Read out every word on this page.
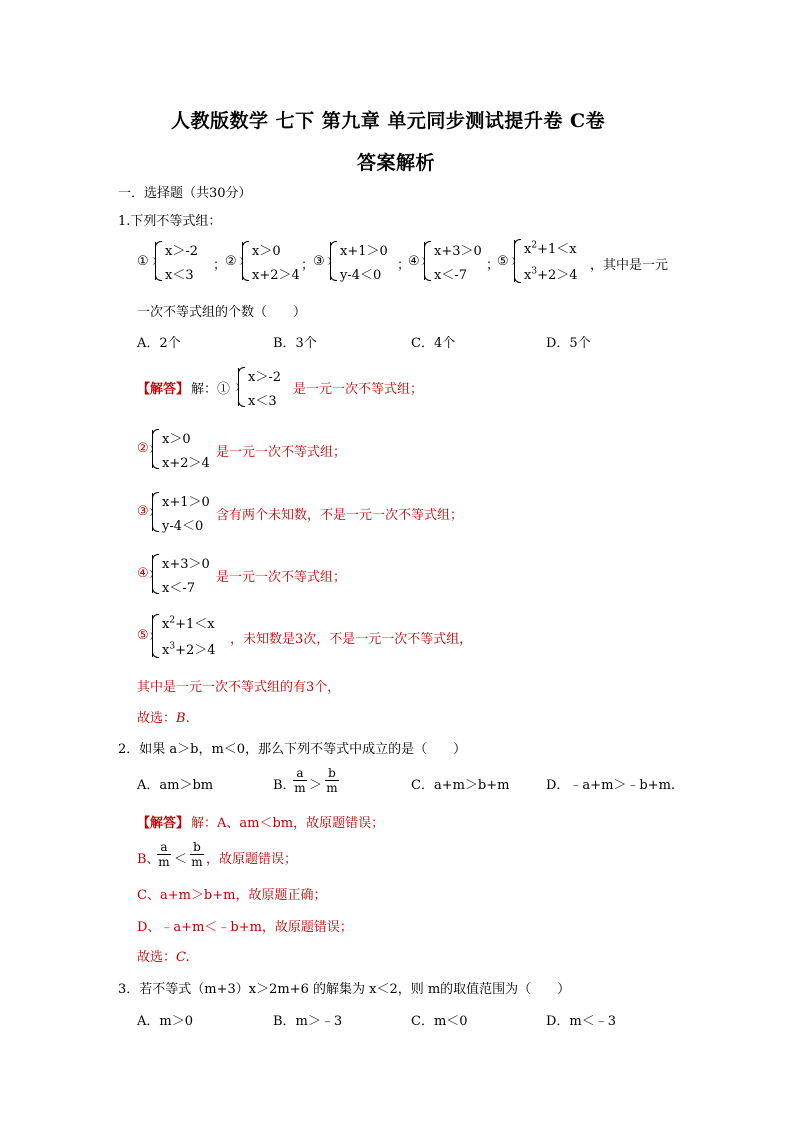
人教版数学 七下 第九章 单元同步测试提升卷 C卷
答案解析
一．选择题（共30分）
1.下列不等式组：
①
x＞-2
x＜3
；
②
x＞0
x+2＞4
；
③
x+1＞0
y-4＜0
；
④
x+3＞0
x＜-7
；
⑤
$x^2+1<x$
$x^3+2>4$
，其中是一元
一次不等式组的个数（　　）
A．2个	B．3个	C．4个	D．5个
【解答】 解：①
x＞-2
x＜3
是一元一次不等式组；
②
x＞0
x+2＞4
是一元一次不等式组；
③
x+1＞0
y-4＜0
含有两个未知数，不是一元一次不等式组；
④
x+3＞0
x＜-7
是一元一次不等式组；
⑤
$x^2+1<x$
$x^3+2>4$
，未知数是3次，不是一元一次不等式组，
其中是一元一次不等式组的有3个，
故选：B.
2．如果 a＞b，m＜0，那么下列不等式中成立的是（　　）
A．am＞bm	B．
$\frac{a}{m} > \frac{b}{m}$	C．a+m＞b+m	D．﹣a+m＞﹣b+m.
【解答】 解：A、am＜bm，故原题错误；
B、
$\frac{a}{m} < \frac{b}{m}$ ，故原题错误；
C、a+m＞b+m，故原题正确；
D、﹣a+m＜﹣b+m，故原题错误；
故选：C.
3．若不等式（m+3）x＞2m+6 的解集为 x＜2，则 m的取值范围为（　　）
A．m＞0	B．m＞﹣3	C．m＜0	D．m＜﹣3
